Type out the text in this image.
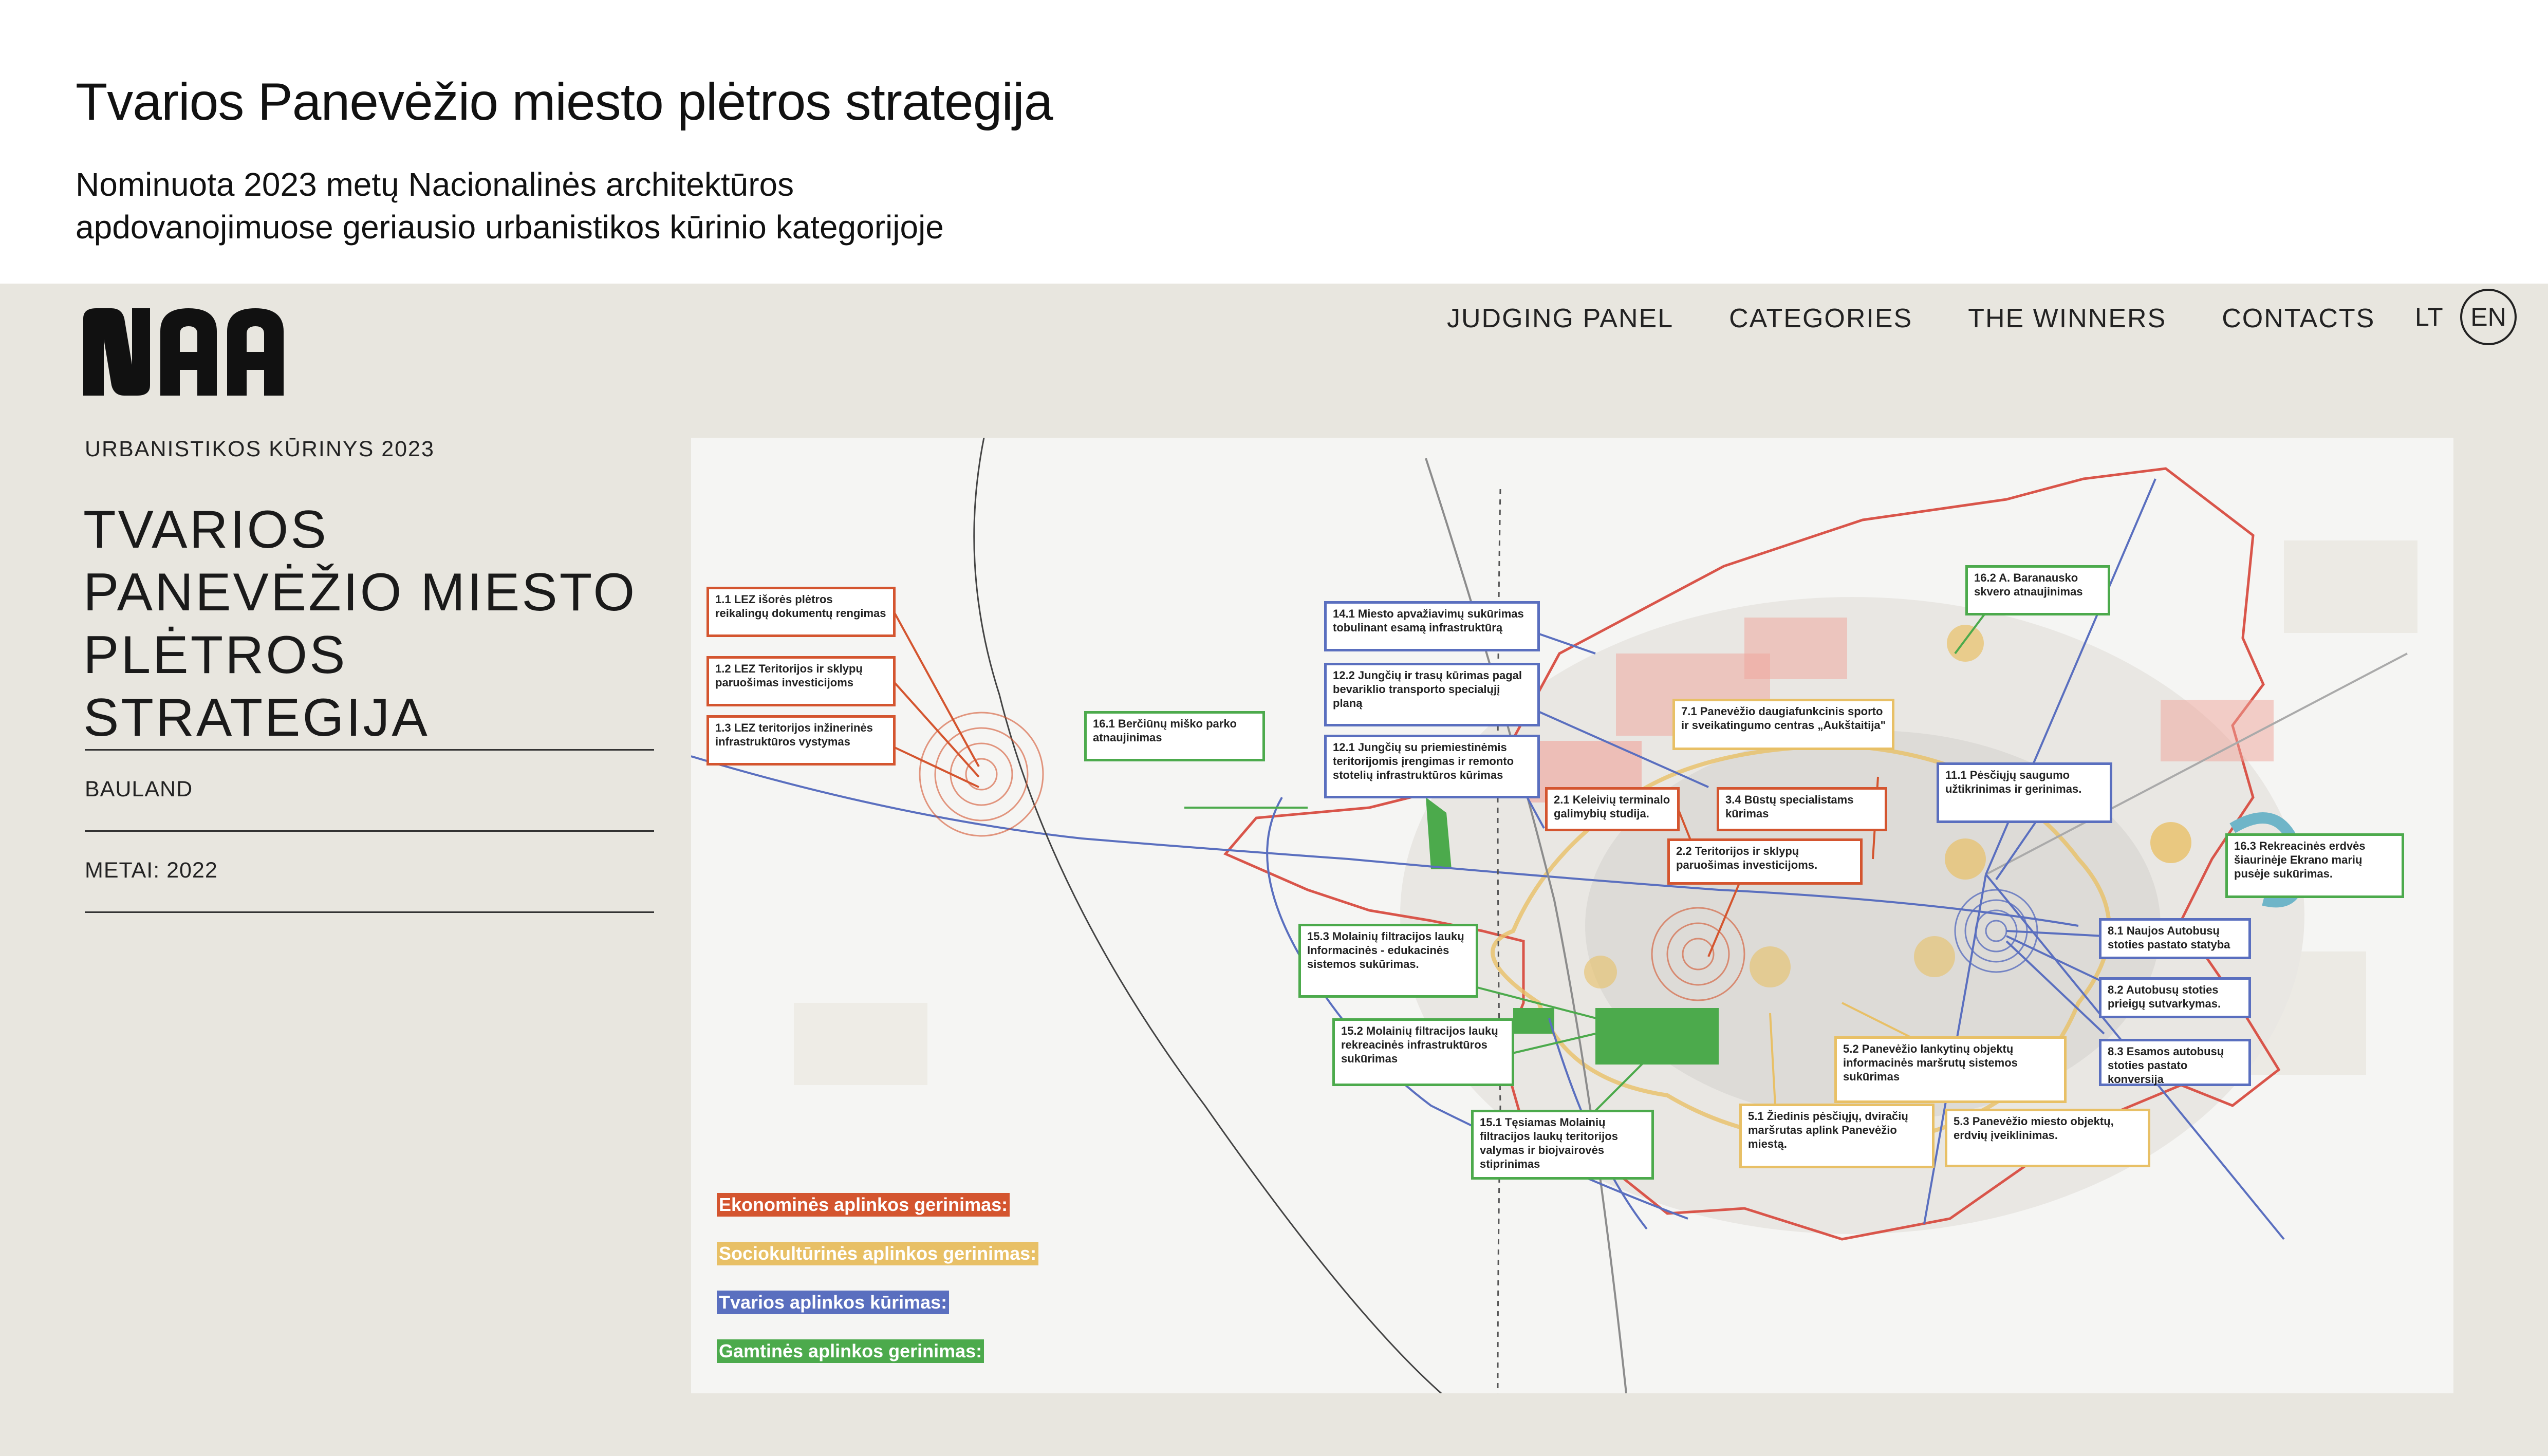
Tvarios Panevėžio miesto plėtros strategija
Nominuota 2023 metų Nacionalinės architektūros
apdovanojimuose geriausio urbanistikos kūrinio kategorijoje
JUDGING PANEL CATEGORIES THE WINNERS CONTACTS LT	EN
URBANISTIKOS KŪRINYS 2023
TVARIOS
PANEVĖŽIO MIESTO
PLĖTROS
STRATEGIJA
BAULAND
METAI: 2022
1.1 LEZ išorės plėtros reikalingų dokumentų rengimas
1.2 LEZ Teritorijos ir sklypų paruošimas investicijoms
1.3 LEZ teritorijos inžinerinės infrastruktūros vystymas
16.1 Berčiūnų miško parko atnaujinimas
14.1 Miesto apvažiavimų sukūrimas tobulinant esamą infrastruktūrą
12.2 Jungčių ir trasų kūrimas pagal bevariklio transporto specialųjį planą
12.1 Jungčių su priemiestinėmis teritorijomis įrengimas ir remonto stotelių infrastruktūros kūrimas
16.2 A. Baranausko skvero atnaujinimas
7.1 Panevėžio daugiafunkcinis sporto ir sveikatingumo centras „Aukštaitija"
2.1 Keleivių terminalo galimybių studija.
3.4 Būstų specialistams kūrimas
11.1 Pėsčiųjų saugumo užtikrinimas ir gerinimas.
2.2 Teritorijos ir sklypų paruošimas investicijoms.
16.3 Rekreacinės erdvės šiaurinėje Ekrano marių pusėje sukūrimas.
15.3 Molainių filtracijos laukų Informacinės - edukacinės sistemos sukūrimas.
8.1 Naujos Autobusų stoties pastato statyba
8.2 Autobusų stoties prieigų sutvarkymas.
15.2 Molainių filtracijos laukų rekreacinės infrastruktūros sukūrimas
5.2 Panevėžio lankytinų objektų informacinės maršrutų sistemos sukūrimas
8.3 Esamos autobusų stoties pastato konversija
15.1 Tęsiamas Molainių filtracijos laukų teritorijos valymas ir biojvairovės stiprinimas
5.1 Žiedinis pėsčiųjų, dviračių maršrutas aplink Panevėžio miestą.
5.3 Panevėžio miesto objektų, erdvių įveiklinimas.
Ekonominės aplinkos gerinimas:
Sociokultūrinės aplinkos gerinimas:
Tvarios aplinkos kūrimas:
Gamtinės aplinkos gerinimas:
